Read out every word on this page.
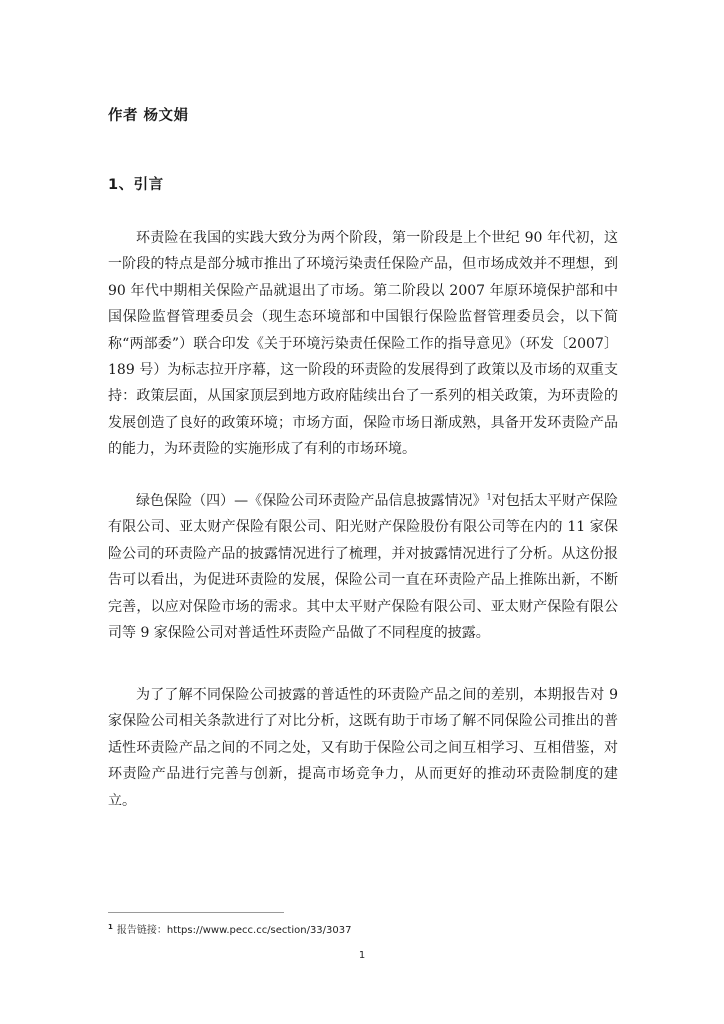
作者 杨文娟
1、引言

环责险在我国的实践大致分为两个阶段，第一阶段是上个世纪 90 年代初，这一阶段的特点是部分城市推出了环境污染责任保险产品，但市场成效并不理想，到 90 年代中期相关保险产品就退出了市场。第二阶段以 2007 年原环境保护部和中国保险监督管理委员会（现生态环境部和中国银行保险监督管理委员会，以下简称“两部委”）联合印发《关于环境污染责任保险工作的指导意见》（环发〔2007〕189 号）为标志拉开序幕，这一阶段的环责险的发展得到了政策以及市场的双重支持：政策层面，从国家顶层到地方政府陆续出台了一系列的相关政策，为环责险的发展创造了良好的政策环境；市场方面，保险市场日渐成熟，具备开发环责险产品的能力，为环责险的实施形成了有利的市场环境。

绿色保险（四）—《保险公司环责险产品信息披露情况》$^1$对包括太平财产保险有限公司、亚太财产保险有限公司、阳光财产保险股份有限公司等在内的 11 家保险公司的环责险产品的披露情况进行了梳理，并对披露情况进行了分析。从这份报告可以看出，为促进环责险的发展，保险公司一直在环责险产品上推陈出新，不断完善，以应对保险市场的需求。其中太平财产保险有限公司、亚太财产保险有限公司等 9 家保险公司对普适性环责险产品做了不同程度的披露。

为了了解不同保险公司披露的普适性的环责险产品之间的差别，本期报告对 9 家保险公司相关条款进行了对比分析，这既有助于市场了解不同保险公司推出的普适性环责险产品之间的不同之处，又有助于保险公司之间互相学习、互相借鉴，对环责险产品进行完善与创新，提高市场竞争力，从而更好的推动环责险制度的建立。

$^1$ 报告链接：https://www.pecc.cc/section/33/3037
1
